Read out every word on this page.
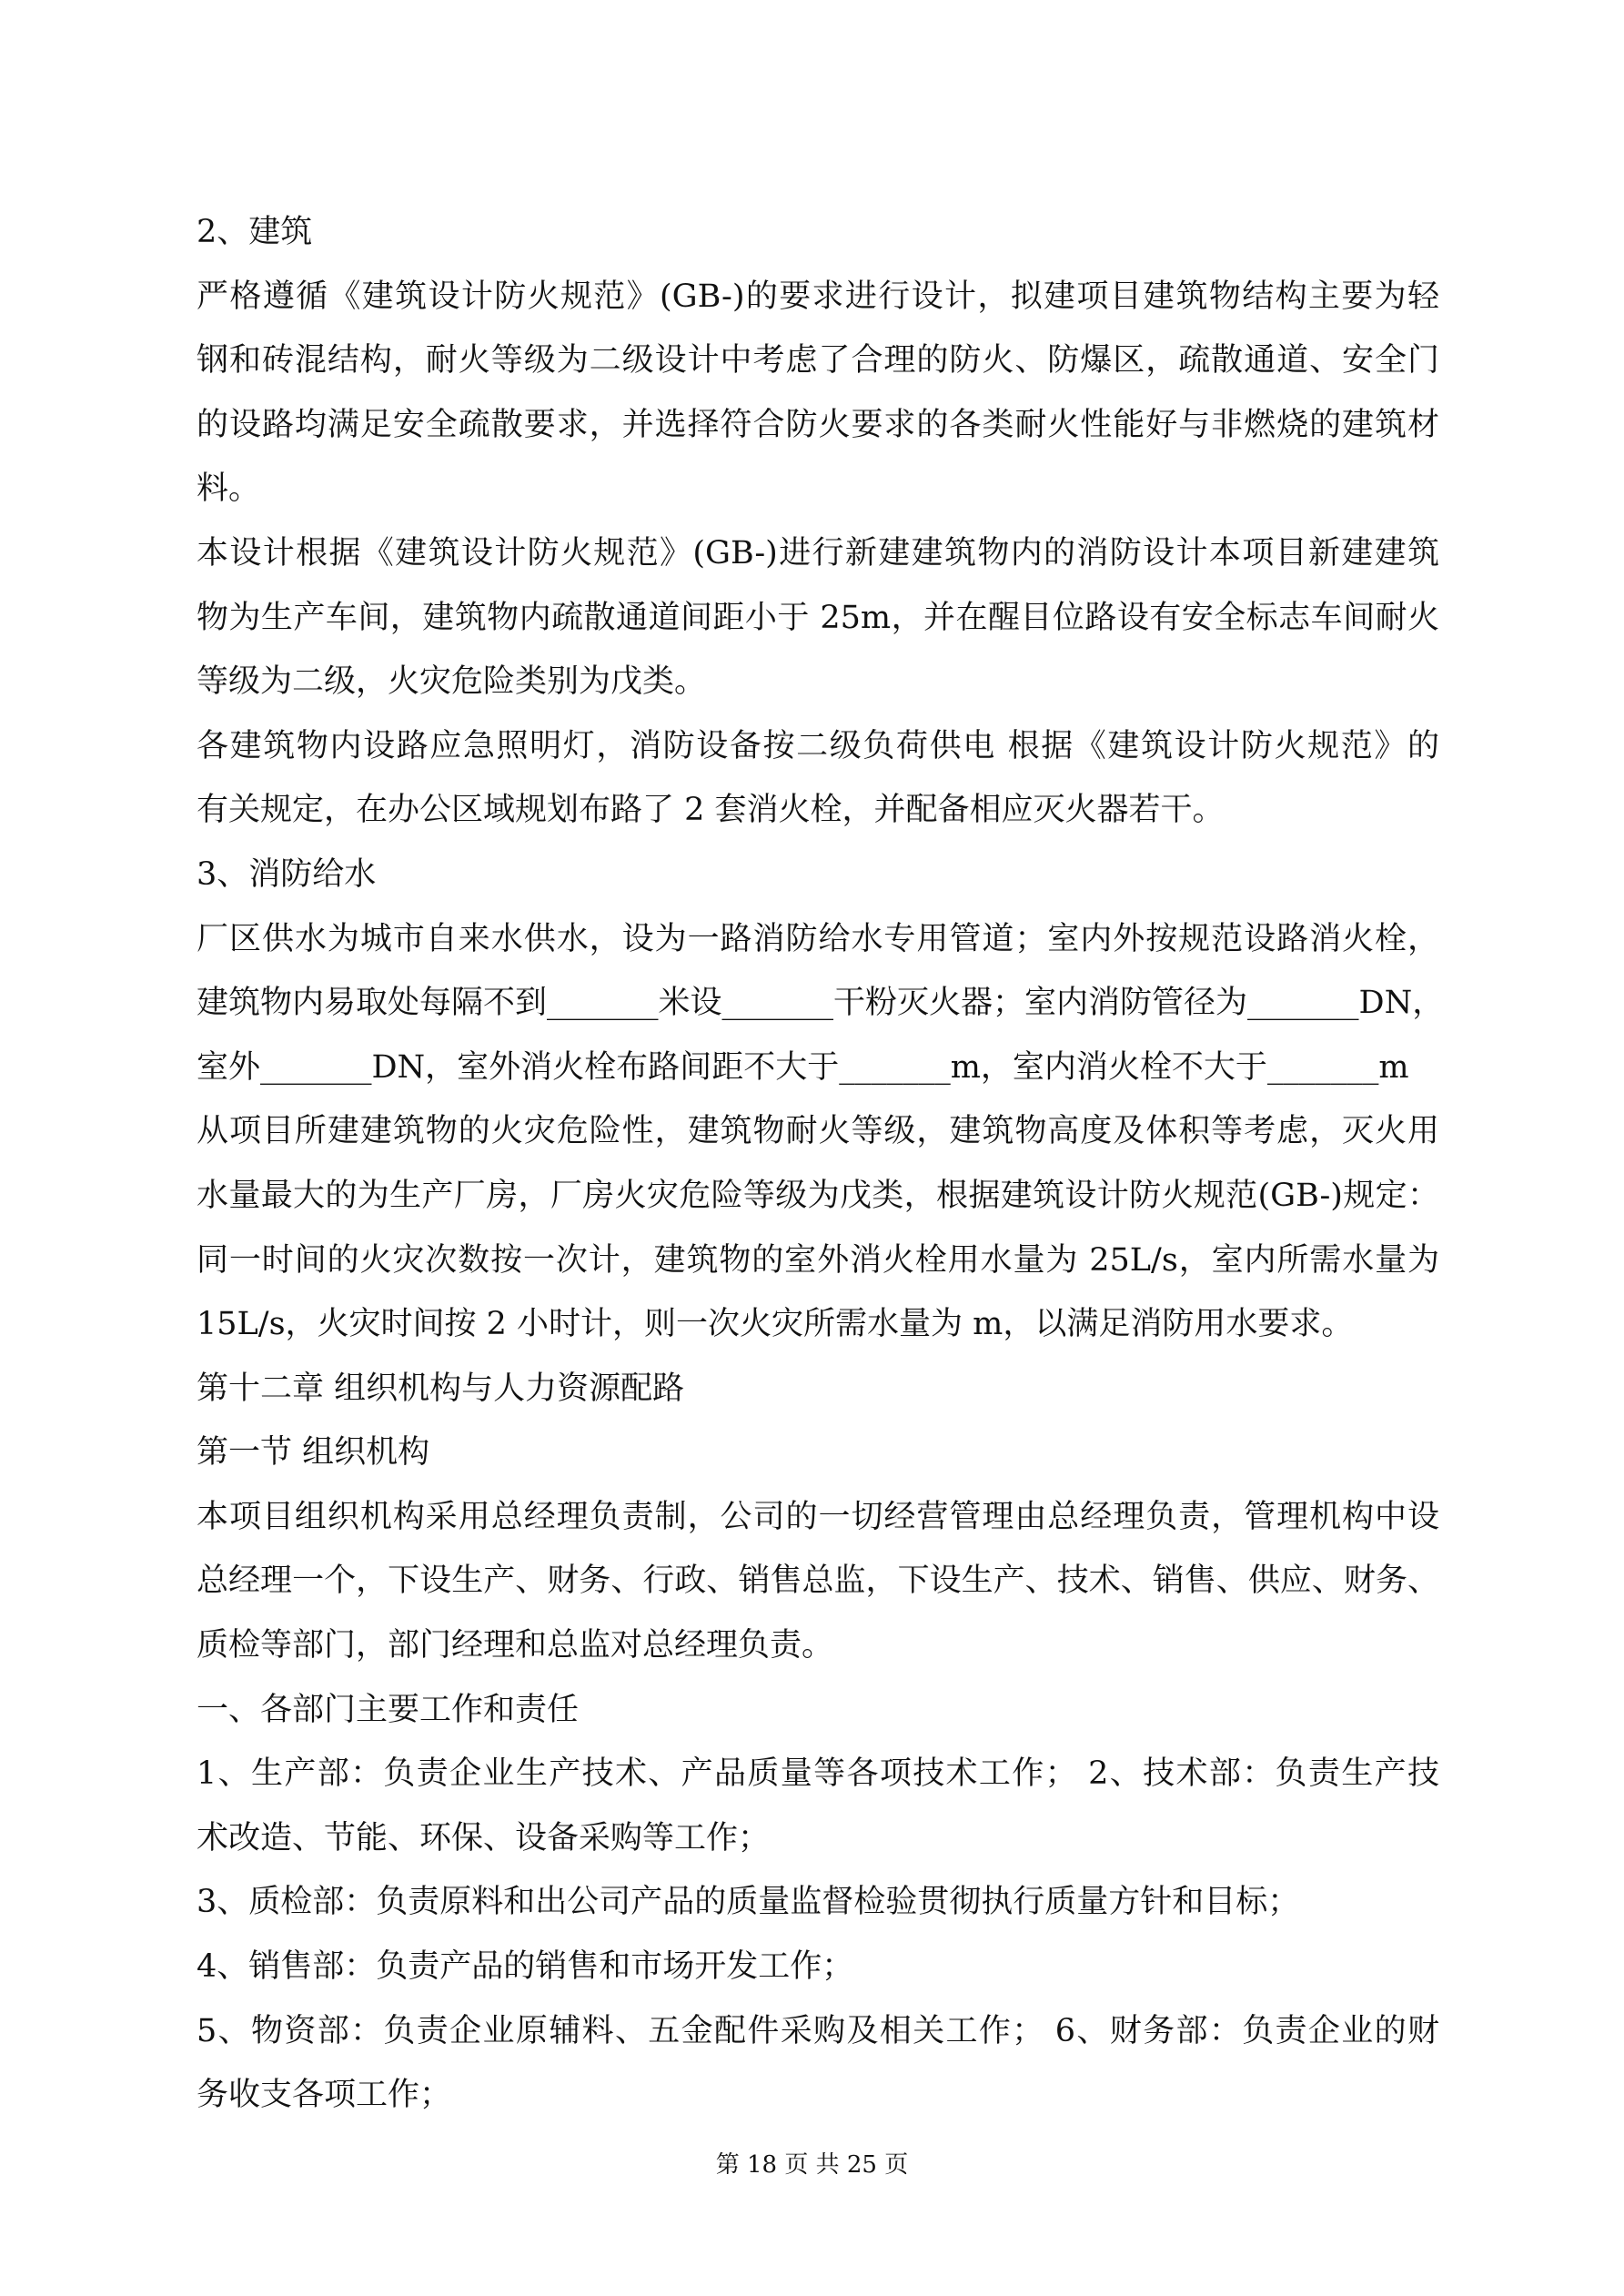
2、建筑
严格遵循《建筑设计防火规范》(GB-)的要求进行设计，拟建项目建筑物结构主要为轻
钢和砖混结构，耐火等级为二级设计中考虑了合理的防火、防爆区，疏散通道、安全门
的设路均满足安全疏散要求，并选择符合防火要求的各类耐火性能好与非燃烧的建筑材
料。
本设计根据《建筑设计防火规范》(GB-)进行新建建筑物内的消防设计本项目新建建筑
物为生产车间，建筑物内疏散通道间距小于 25m，并在醒目位路设有安全标志车间耐火
等级为二级，火灾危险类别为戊类。
各建筑物内设路应急照明灯，消防设备按二级负荷供电 根据《建筑设计防火规范》的
有关规定，在办公区域规划布路了 2 套消火栓，并配备相应灭火器若干。
3、消防给水
厂区供水为城市自来水供水，设为一路消防给水专用管道；室内外按规范设路消火栓，
建筑物内易取处每隔不到_______米设_______干粉灭火器；室内消防管径为_______DN，
室外_______DN，室外消火栓布路间距不大于_______m，室内消火栓不大于_______m
从项目所建建筑物的火灾危险性，建筑物耐火等级，建筑物高度及体积等考虑，灭火用
水量最大的为生产厂房，厂房火灾危险等级为戊类，根据建筑设计防火规范(GB-)规定：
同一时间的火灾次数按一次计，建筑物的室外消火栓用水量为 25L/s，室内所需水量为
15L/s，火灾时间按 2 小时计，则一次火灾所需水量为 m，以满足消防用水要求。
第十二章 组织机构与人力资源配路
第一节 组织机构
本项目组织机构采用总经理负责制，公司的一切经营管理由总经理负责，管理机构中设
总经理一个，下设生产、财务、行政、销售总监，下设生产、技术、销售、供应、财务、
质检等部门，部门经理和总监对总经理负责。
一、各部门主要工作和责任
1、生产部：负责企业生产技术、产品质量等各项技术工作； 2、技术部：负责生产技
术改造、节能、环保、设备采购等工作；
3、质检部：负责原料和出公司产品的质量监督检验贯彻执行质量方针和目标；
4、销售部：负责产品的销售和市场开发工作；
5、物资部：负责企业原辅料、五金配件采购及相关工作； 6、财务部：负责企业的财
务收支各项工作；
第 18 页 共 25 页
